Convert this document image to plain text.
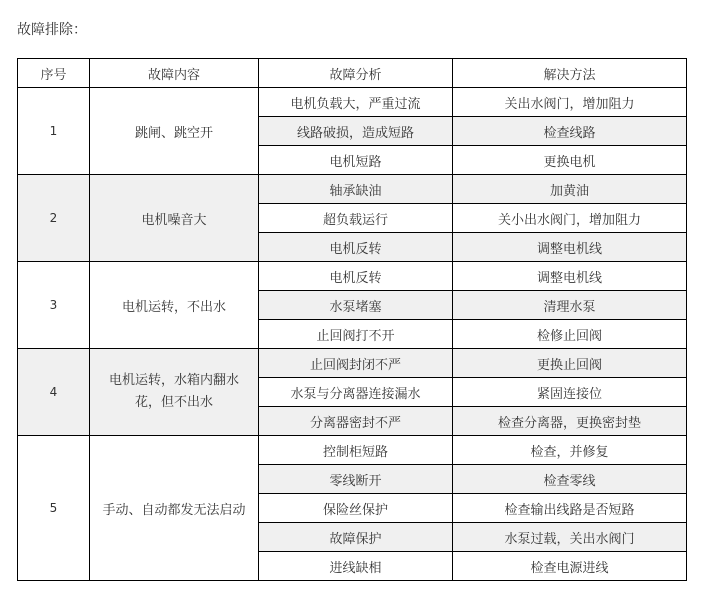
故障排除：
序号	故障内容	故障分析	解决方法
1	跳闸、跳空开	电机负载大，严重过流	关出水阀门，增加阻力
		线路破损，造成短路	检查线路
		电机短路	更换电机
2	电机噪音大	轴承缺油	加黄油
		超负载运行	关小出水阀门，增加阻力
		电机反转	调整电机线
3	电机运转，不出水	电机反转	调整电机线
		水泵堵塞	清理水泵
		止回阀打不开	检修止回阀
4	电机运转，水箱内翻水花，但不出水	止回阀封闭不严	更换止回阀
		水泵与分离器连接漏水	紧固连接位
		分离器密封不严	检查分离器，更换密封垫
5	手动、自动都发无法启动	控制柜短路	检查，并修复
		零线断开	检查零线
		保险丝保护	检查输出线路是否短路
		故障保护	水泵过载，关出水阀门
		进线缺相	检查电源进线
